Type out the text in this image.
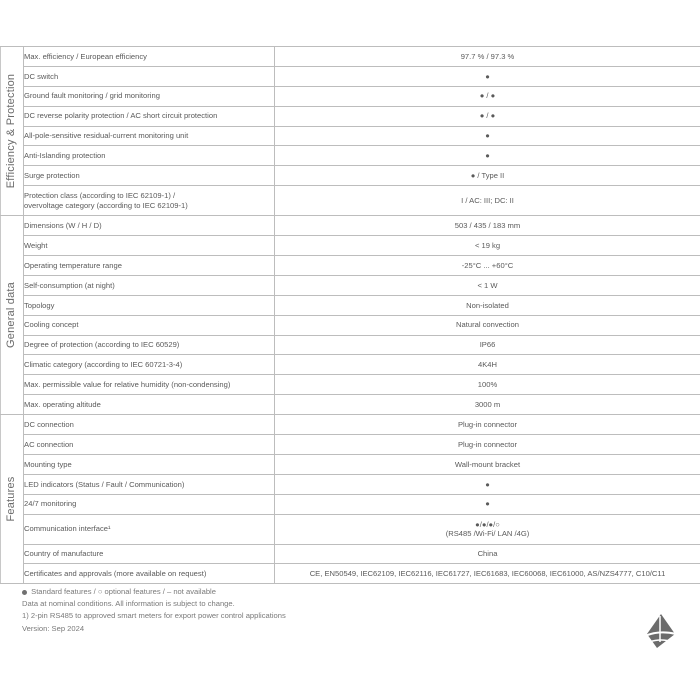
Efficiency & Protection	Max. efficiency / European efficiency	97.7 % / 97.3 %

	DC switch	●

	Ground fault monitoring / grid monitoring	● / ●

	DC reverse polarity protection / AC short circuit protection	● / ●

	All-pole-sensitive residual-current monitoring unit	●

	Anti-Islanding protection	●

	Surge protection	● / Type II

	Protection class (according to IEC 62109-1) /
overvoltage category (according to IEC 62109-1)	I / AC: III; DC: II

General data	Dimensions (W / H / D)	503 / 435 / 183 mm

	Weight	< 19 kg

	Operating temperature range	-25°C ... +60°C

	Self-consumption (at night)	< 1 W

	Topology	Non-isolated

	Cooling concept	Natural convection

	Degree of protection (according to IEC 60529)	IP66

	Climatic category (according to IEC 60721-3-4)	4K4H

	Max. permissible value for relative humidity (non-condensing)	100%

	Max. operating altitude	3000 m

Features	DC connection	Plug-in connector

	AC connection	Plug-in connector

	Mounting type	Wall-mount bracket

	LED indicators (Status / Fault / Communication)	●

	24/7 monitoring	●

	Communication interface¹	●/●/●/○
(RS485 /Wi-Fi/ LAN /4G)

	Country of manufacture	China

	Certificates and approvals (more available on request)	CE, EN50549, IEC62109, IEC62116, IEC61727, IEC61683, IEC60068, IEC61000, AS/NZS4777, C10/C11
Standard features / ○ optional features / – not available
Data at nominal conditions. All information is subject to change.
1) 2-pin RS485 to approved smart meters for export power control applications
Version: Sep 2024
